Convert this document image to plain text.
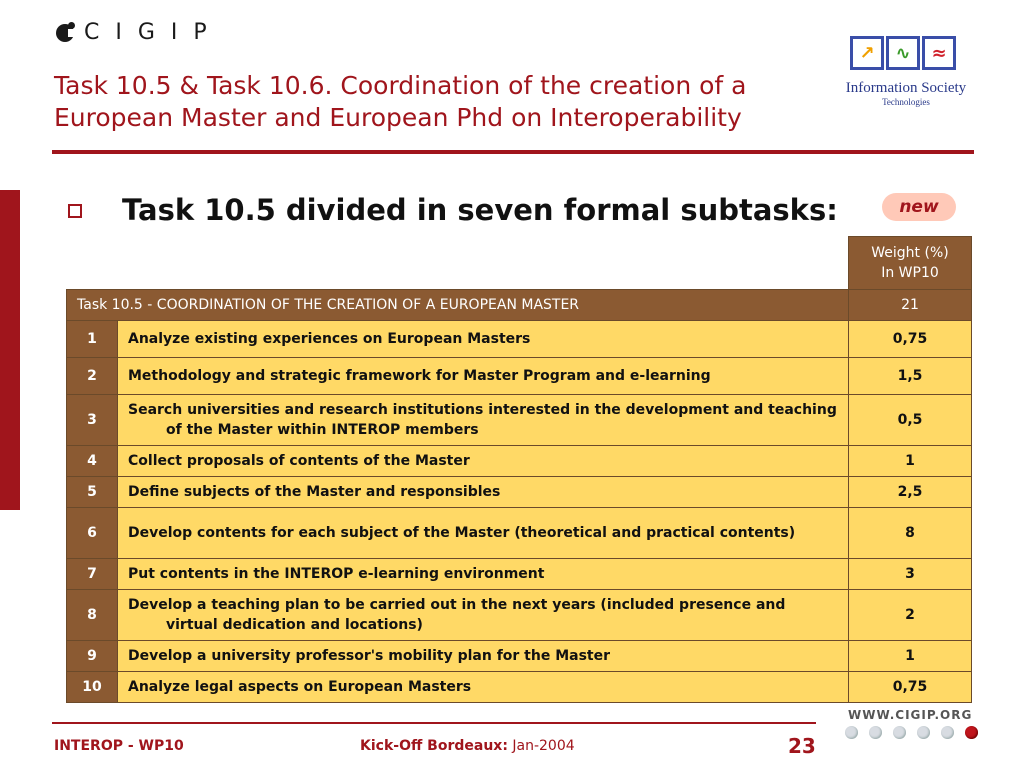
CIGIP
↗	∿	≈
Information Society
Technologies
Task 10.5 & Task 10.6. Coordination of the creation of a European Master and European Phd on Interoperability
Task 10.5 divided in seven formal subtasks:	new

		Weight (%)
In WP10

Task 10.5 - COORDINATION OF THE CREATION OF A EUROPEAN MASTER		21
1	Analyze existing experiences on European Masters	0,75
2	Methodology and strategic framework for Master Program and e-learning	1,5
3	Search universities and research institutions interested in the development and teaching of the Master within INTEROP members	0,5
4	Collect proposals of contents of the Master	1
5	Define subjects of the Master and responsibles	2,5
6	Develop contents for each subject of the Master (theoretical and practical contents)	8
7	Put contents in the INTEROP e-learning environment	3
8	Develop a teaching plan to be carried out in the next years (included presence and virtual dedication and locations)	2
9	Develop a university professor's mobility plan for the Master	1
10	Analyze legal aspects on European Masters	0,75
WWW.CIGIP.ORG
INTEROP - WP10	Kick-Off Bordeaux: Jan-2004	23
